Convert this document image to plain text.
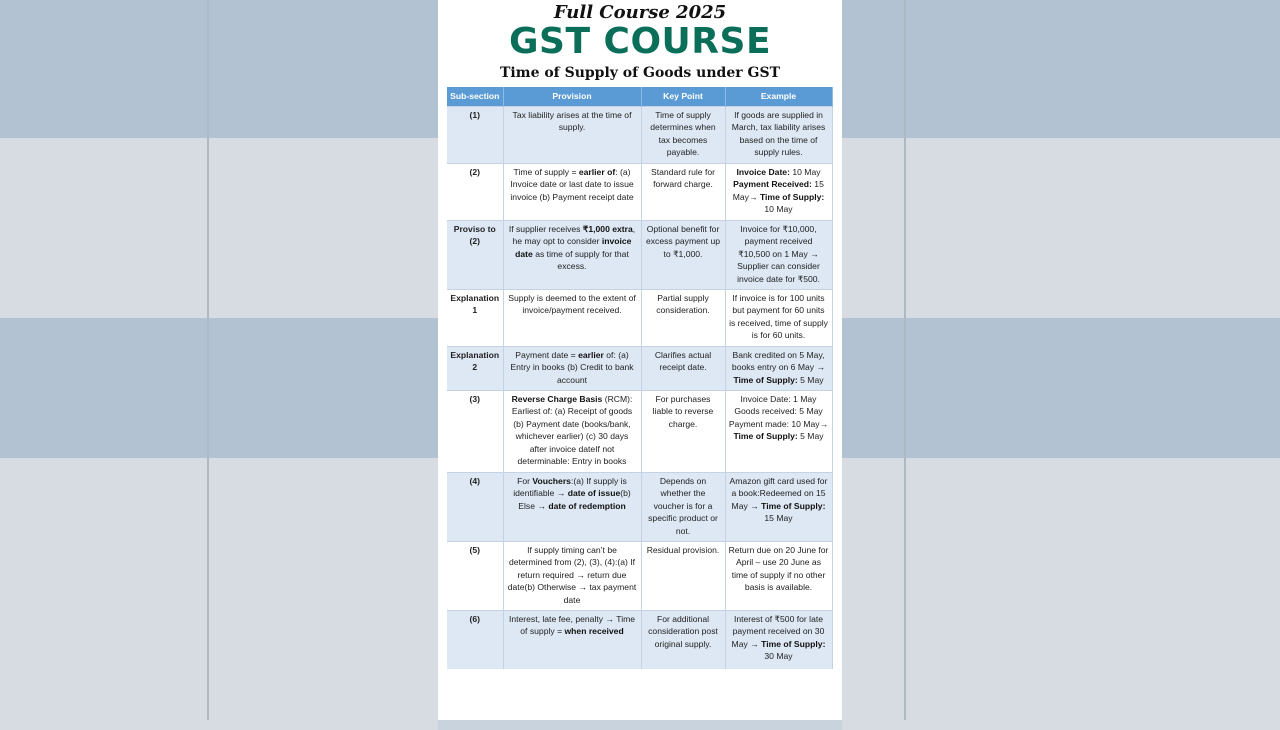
Full Course 2025
GST COURSE
Time of Supply of Goods under GST
Sub-section	Provision	Key Point	Example
(1)	Tax liability arises at the time of supply.	Time of supply determines when tax becomes payable.	If goods are supplied in March, tax liability arises based on the time of supply rules.
(2)	Time of supply = earlier of: (a) Invoice date or last date to issue invoice (b) Payment receipt date	Standard rule for forward charge.	Invoice Date: 10 May Payment Received: 15 May→ Time of Supply: 10 May
Proviso to (2)	If supplier receives ₹1,000 extra, he may opt to consider invoice date as time of supply for that excess.	Optional benefit for excess payment up to ₹1,000.	Invoice for ₹10,000, payment received ₹10,500 on 1 May → Supplier can consider invoice date for ₹500.
Explanation 1	Supply is deemed to the extent of invoice/payment received.	Partial supply consideration.	If invoice is for 100 units but payment for 60 units is received, time of supply is for 60 units.
Explanation 2	Payment date = earlier of: (a) Entry in books (b) Credit to bank account	Clarifies actual receipt date.	Bank credited on 5 May, books entry on 6 May → Time of Supply: 5 May
(3)	Reverse Charge Basis (RCM): Earliest of: (a) Receipt of goods (b) Payment date (books/bank, whichever earlier) (c) 30 days after invoice dateIf not determinable: Entry in books	For purchases liable to reverse charge.	Invoice Date: 1 May Goods received: 5 May Payment made: 10 May→ Time of Supply: 5 May
(4)	For Vouchers:(a) If supply is identifiable → date of issue(b) Else → date of redemption	Depends on whether the voucher is for a specific product or not.	Amazon gift card used for a book:Redeemed on 15 May → Time of Supply: 15 May
(5)	If supply timing can’t be determined from (2), (3), (4):(a) If return required → return due date(b) Otherwise → tax payment date	Residual provision.	Return due on 20 June for April – use 20 June as time of supply if no other basis is available.
(6)	Interest, late fee, penalty → Time of supply = when received	For additional consideration post original supply.	Interest of ₹500 for late payment received on 30 May → Time of Supply: 30 May
